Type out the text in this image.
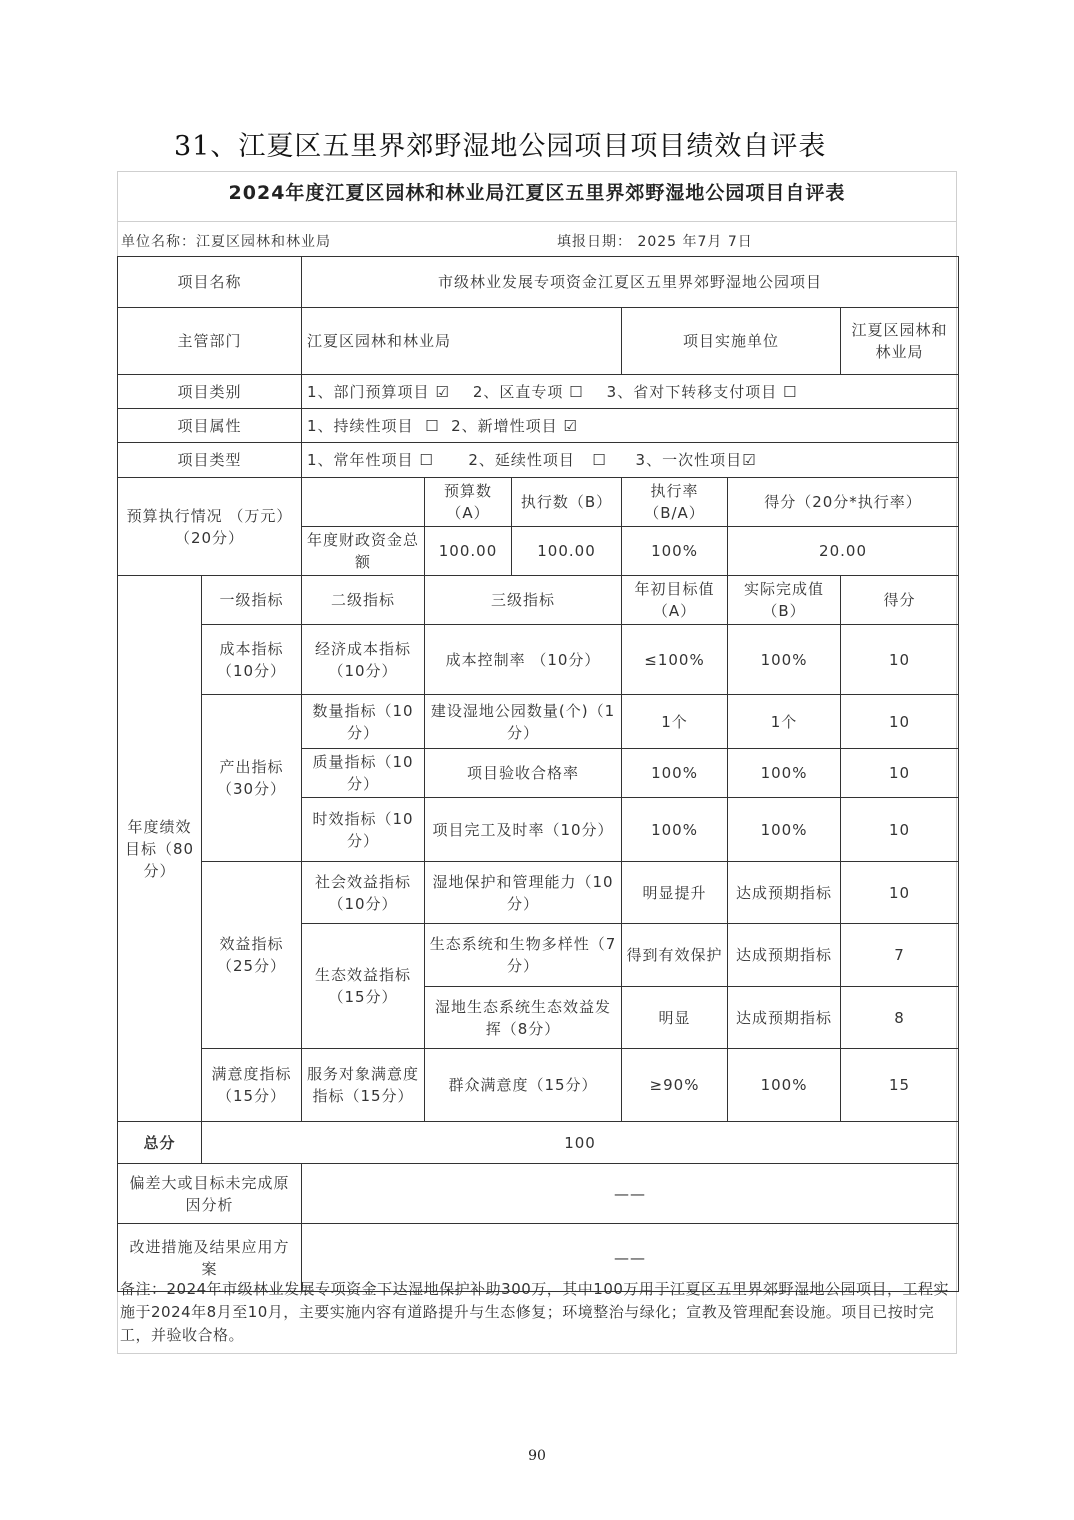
31、江夏区五里界郊野湿地公园项目项目绩效自评表
2024年度江夏区园林和林业局江夏区五里界郊野湿地公园项目自评表
单位名称：江夏区园林和林业局	填报日期： 2025 年7月 7日
项目名称		市级林业发展专项资金江夏区五里界郊野湿地公园项目					
主管部门		江夏区园林和林业局			项目实施单位		江夏区园林和林业局
项目类别		1、部门预算项目 ☑    2、区直专项 ☐    3、省对下转移支付项目 ☐					
项目属性		1、持续性项目  ☐  2、新增性项目 ☑					
项目类型		1、常年性项目 ☐      2、延续性项目   ☐     3、一次性项目☑					
预算执行情况 （万元）（20分）			预算数（A）	执行数（B）	执行率（B/A）	得分（20分*执行率）	
		年度财政资金总额	100.00	100.00	100%	20.00	
年度绩效目标（80分）	一级指标	二级指标	三级指标		年初目标值（A）	实际完成值（B）	得分
	成本指标（10分）	经济成本指标（10分）	成本控制率 （10分）		≤100%	100%	10
	产出指标（30分）	数量指标（10分）	建设湿地公园数量(个)（1分）		1个	1个	10
		质量指标（10分）	项目验收合格率		100%	100%	10
		时效指标（10分）	项目完工及时率（10分）		100%	100%	10
	效益指标（25分）	社会效益指标（10分）	湿地保护和管理能力（10分）		明显提升	达成预期指标	10
		生态效益指标（15分）	生态系统和生物多样性（7分）		得到有效保护	达成预期指标	7
			湿地生态系统生态效益发挥（8分）		明显	达成预期指标	8
	满意度指标（15分）	服务对象满意度指标（15分）	群众满意度（15分）		≥90%	100%	15
总分	100						
偏差大或目标未完成原因分析		——					
改进措施及结果应用方案		——					
备注：2024年市级林业发展专项资金下达湿地保护补助300万，其中100万用于江夏区五里界郊野湿地公园项目，工程实施于2024年8月至10月，主要实施内容有道路提升与生态修复；环境整治与绿化；宣教及管理配套设施。项目已按时完工，并验收合格。
90
